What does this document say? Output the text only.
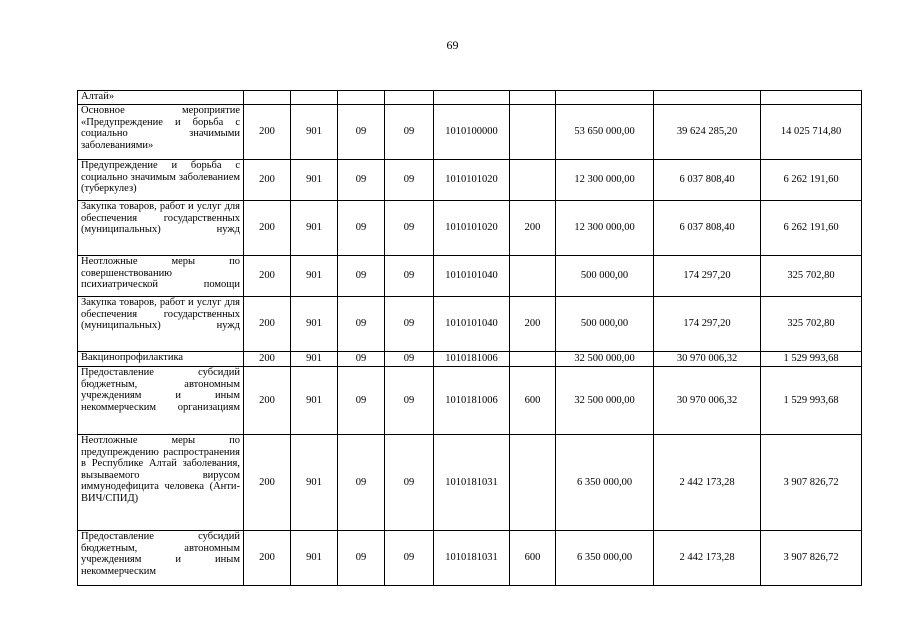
69
Алтай»									
Основное мероприятие «Предупреждение и борьба с социально значимыми заболеваниями»	200	901	09	09	1010100000		53 650 000,00	39 624 285,20	14 025 714,80
Предупреждение и борьба с социально значимым заболеванием (туберкулез)	200	901	09	09	1010101020		12 300 000,00	6 037 808,40	6 262 191,60
Закупка товаров, работ и услуг для обеспечения государственных (муниципальных) нужд	200	901	09	09	1010101020	200	12 300 000,00	6 037 808,40	6 262 191,60
Неотложные меры по совершенствованию психиатрической помощи	200	901	09	09	1010101040		500 000,00	174 297,20	325 702,80
Закупка товаров, работ и услуг для обеспечения государственных (муниципальных) нужд	200	901	09	09	1010101040	200	500 000,00	174 297,20	325 702,80
Вакцинопрофилактика	200	901	09	09	1010181006		32 500 000,00	30 970 006,32	1 529 993,68
Предоставление субсидий бюджетным, автономным учреждениям и иным некоммерческим организациям	200	901	09	09	1010181006	600	32 500 000,00	30 970 006,32	1 529 993,68
Неотложные меры по предупреждению распространения в Республике Алтай заболевания, вызываемого вирусом иммунодефицита человека (Анти-ВИЧ/СПИД)	200	901	09	09	1010181031		6 350 000,00	2 442 173,28	3 907 826,72
Предоставление субсидий бюджетным, автономным учреждениям и иным некоммерческим	200	901	09	09	1010181031	600	6 350 000,00	2 442 173,28	3 907 826,72
